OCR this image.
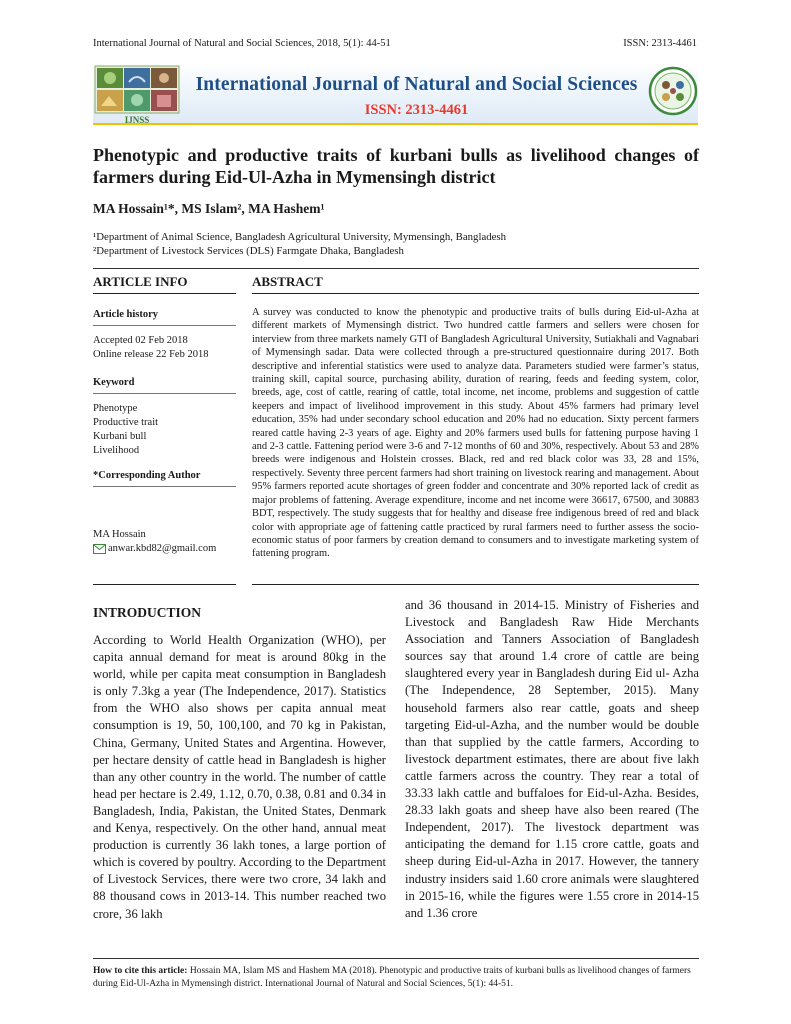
International Journal of Natural and Social Sciences, 2018, 5(1): 44-51	ISSN: 2313-4461
IJNSS
International Journal of Natural and Social Sciences
ISSN: 2313-4461
Phenotypic and productive traits of kurbani bulls as livelihood changes of farmers during Eid-Ul-Azha in Mymensingh district
MA Hossain¹*, MS Islam², MA Hashem¹
¹Department of Animal Science, Bangladesh Agricultural University, Mymensingh, Bangladesh
²Department of Livestock Services (DLS) Farmgate Dhaka, Bangladesh
ARTICLE INFO	ABSTRACT
Article history
Accepted 02 Feb 2018
Online release 22 Feb 2018
Keyword
Phenotype
Productive trait
Kurbani bull
Livelihood
*Corresponding Author
MA Hossain
anwar.kbd82@gmail.com
A survey was conducted to know the phenotypic and productive traits of bulls during Eid-ul-Azha at different markets of Mymensingh district. Two hundred cattle farmers and sellers were chosen for interview from three markets namely GTI of Bangladesh Agricultural University, Sutiakhali and Vagnabari of Mymensingh sadar. Data were collected through a pre-structured questionnaire during 2017. Both descriptive and inferential statistics were used to analyze data. Parameters studied were farmer’s status, training skill, capital source, purchasing ability, duration of rearing, feeds and feeding system, color, breeds, age, cost of cattle, rearing of cattle, total income, net income, problems and suggestion of cattle keepers and impact of livelihood improvement in this study. About 45% farmers had primary level education, 35% had under secondary school education and 20% had no education. Sixty percent farmers reared cattle having 2-3 years of age. Eighty and 20% farmers used bulls for fattening purpose having 1 and 2-3 cattle. Fattening period were 3-6 and 7-12 months of 60 and 30%, respectively. About 53 and 28% breeds were indigenous and Holstein crosses. Black, red and red black color was 33, 28 and 15%, respectively. Seventy three percent farmers had short training on livestock rearing and management. About 95% farmers reported acute shortages of green fodder and concentrate and 30% reported lack of credit as major problems of fattening. Average expenditure, income and net income were 36617, 67500, and 30883 BDT, respectively. The study suggests that for healthy and disease free indigenous breed of red and black color with appropriate age of fattening cattle practiced by rural farmers need to further assess the socio-economic status of poor farmers by creation demand to consumers and to investigate marketing system of fattening program.
INTRODUCTION
According to World Health Organization (WHO), per capita annual demand for meat is around 80kg in the world, while per capita meat consumption in Bangladesh is only 7.3kg a year (The Independence, 2017). Statistics from the WHO also shows per capita annual meat consumption is 19, 50, 100,100, and 70 kg in Pakistan, China, Germany, United States and Argentina. However, per hectare density of cattle head in Bangladesh is higher than any other country in the world. The number of cattle head per hectare is 2.49, 1.12, 0.70, 0.38, 0.81 and 0.34 in Bangladesh, India, Pakistan, the United States, Denmark and Kenya, respectively. On the other hand, annual meat production is currently 36 lakh tones, a large portion of which is covered by poultry. According to the Department of Livestock Services, there were two crore, 34 lakh and 88 thousand cows in 2013-14. This number reached two crore, 36 lakh
and 36 thousand in 2014-15. Ministry of Fisheries and Livestock and Bangladesh Raw Hide Merchants Association and Tanners Association of Bangladesh sources say that around 1.4 crore of cattle are being slaughtered every year in Bangladesh during Eid ul- Azha (The Independence, 28 September, 2015). Many household farmers also rear cattle, goats and sheep targeting Eid-ul-Azha, and the number would be double than that supplied by the cattle farmers, According to livestock department estimates, there are about five lakh cattle farmers across the country. They rear a total of 33.33 lakh cattle and buffaloes for Eid-ul-Azha. Besides, 28.33 lakh goats and sheep have also been reared (The Independent, 2017). The livestock department was anticipating the demand for 1.15 crore cattle, goats and sheep during Eid-ul-Azha in 2017. However, the tannery industry insiders said 1.60 crore animals were slaughtered in 2015-16, while the figures were 1.55 crore in 2014-15 and 1.36 crore
How to cite this article: Hossain MA, Islam MS and Hashem MA (2018). Phenotypic and productive traits of kurbani bulls as livelihood changes of farmers during Eid-Ul-Azha in Mymensingh district. International Journal of Natural and Social Sciences, 5(1): 44-51.
